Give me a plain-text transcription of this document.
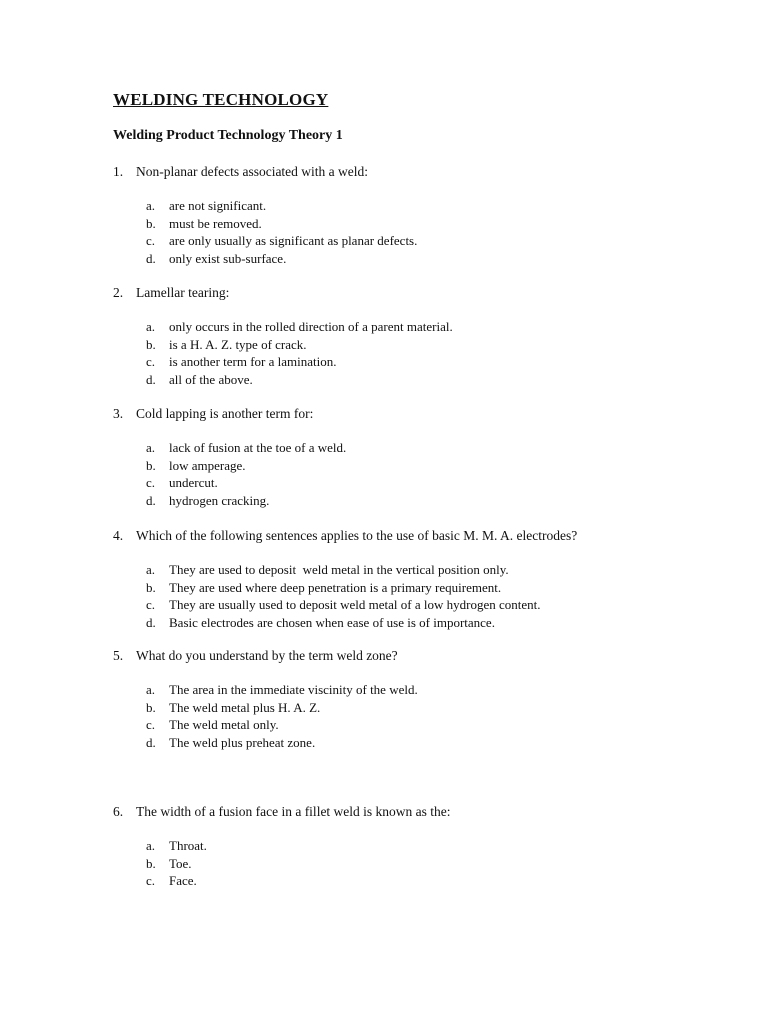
WELDING TECHNOLOGY
Welding Product Technology Theory 1
1. Non-planar defects associated with a weld:
a.	are not significant.
b.	must be removed.
c.	are only usually as significant as planar defects.
d.	only exist sub-surface.
2. Lamellar tearing:
a.	only occurs in the rolled direction of a parent material.
b.	is a H. A. Z. type of crack.
c.	is another term for a lamination.
d.	all of the above.
3. Cold lapping is another term for:
a.	lack of fusion at the toe of a weld.
b.	low amperage.
c.	undercut.
d.	hydrogen cracking.
4. Which of the following sentences applies to the use of basic M. M. A. electrodes?
a.	They are used to deposit  weld metal in the vertical position only.
b.	They are used where deep penetration is a primary requirement.
c.	They are usually used to deposit weld metal of a low hydrogen content.
d.	Basic electrodes are chosen when ease of use is of importance.
5. What do you understand by the term weld zone?
a.	The area in the immediate viscinity of the weld.
b.	The weld metal plus H. A. Z.
c.	The weld metal only.
d.	The weld plus preheat zone.
6. The width of a fusion face in a fillet weld is known as the:
a.	Throat.
b.	Toe.
c.	Face.
